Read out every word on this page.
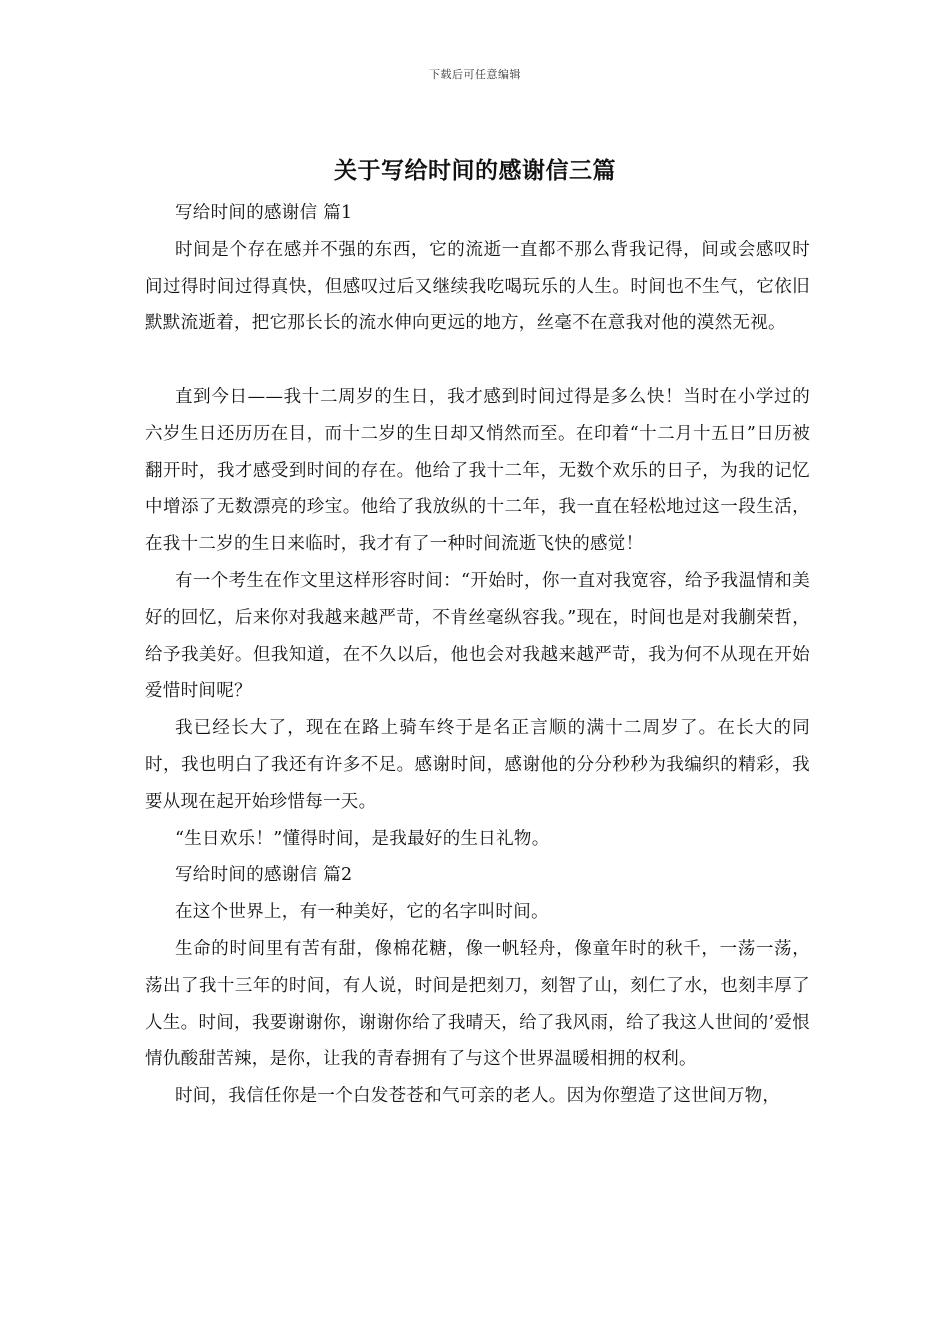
下载后可任意编辑
关于写给时间的感谢信三篇

写给时间的感谢信 篇1

时间是个存在感并不强的东西，它的流逝一直都不那么背我记得，间或会感叹时间过得时间过得真快，但感叹过后又继续我吃喝玩乐的人生。时间也不生气，它依旧默默流逝着，把它那长长的流水伸向更远的地方，丝毫不在意我对他的漠然无视。

直到今日——我十二周岁的生日，我才感到时间过得是多么快！当时在小学过的六岁生日还历历在目，而十二岁的生日却又悄然而至。在印着“十二月十五日”日历被翻开时，我才感受到时间的存在。他给了我十二年，无数个欢乐的日子，为我的记忆中增添了无数漂亮的珍宝。他给了我放纵的十二年，我一直在轻松地过这一段生活，在我十二岁的生日来临时，我才有了一种时间流逝飞快的感觉！

有一个考生在作文里这样形容时间：“开始时，你一直对我宽容，给予我温情和美好的回忆，后来你对我越来越严苛，不肯丝毫纵容我。”现在，时间也是对我蒯荣哲，给予我美好。但我知道，在不久以后，他也会对我越来越严苛，我为何不从现在开始爱惜时间呢？

我已经长大了，现在在路上骑车终于是名正言顺的满十二周岁了。在长大的同时，我也明白了我还有许多不足。感谢时间，感谢他的分分秒秒为我编织的精彩，我要从现在起开始珍惜每一天。

“生日欢乐！”懂得时间，是我最好的生日礼物。

写给时间的感谢信 篇2

在这个世界上，有一种美好，它的名字叫时间。

生命的时间里有苦有甜，像棉花糖，像一帆轻舟，像童年时的秋千，一荡一荡，荡出了我十三年的时间，有人说，时间是把刻刀，刻智了山，刻仁了水，也刻丰厚了人生。时间，我要谢谢你，谢谢你给了我晴天，给了我风雨，给了我这人世间的’爱恨情仇酸甜苦辣，是你，让我的青春拥有了与这个世界温暖相拥的权利。

时间，我信任你是一个白发苍苍和气可亲的老人。因为你塑造了这世间万物，
